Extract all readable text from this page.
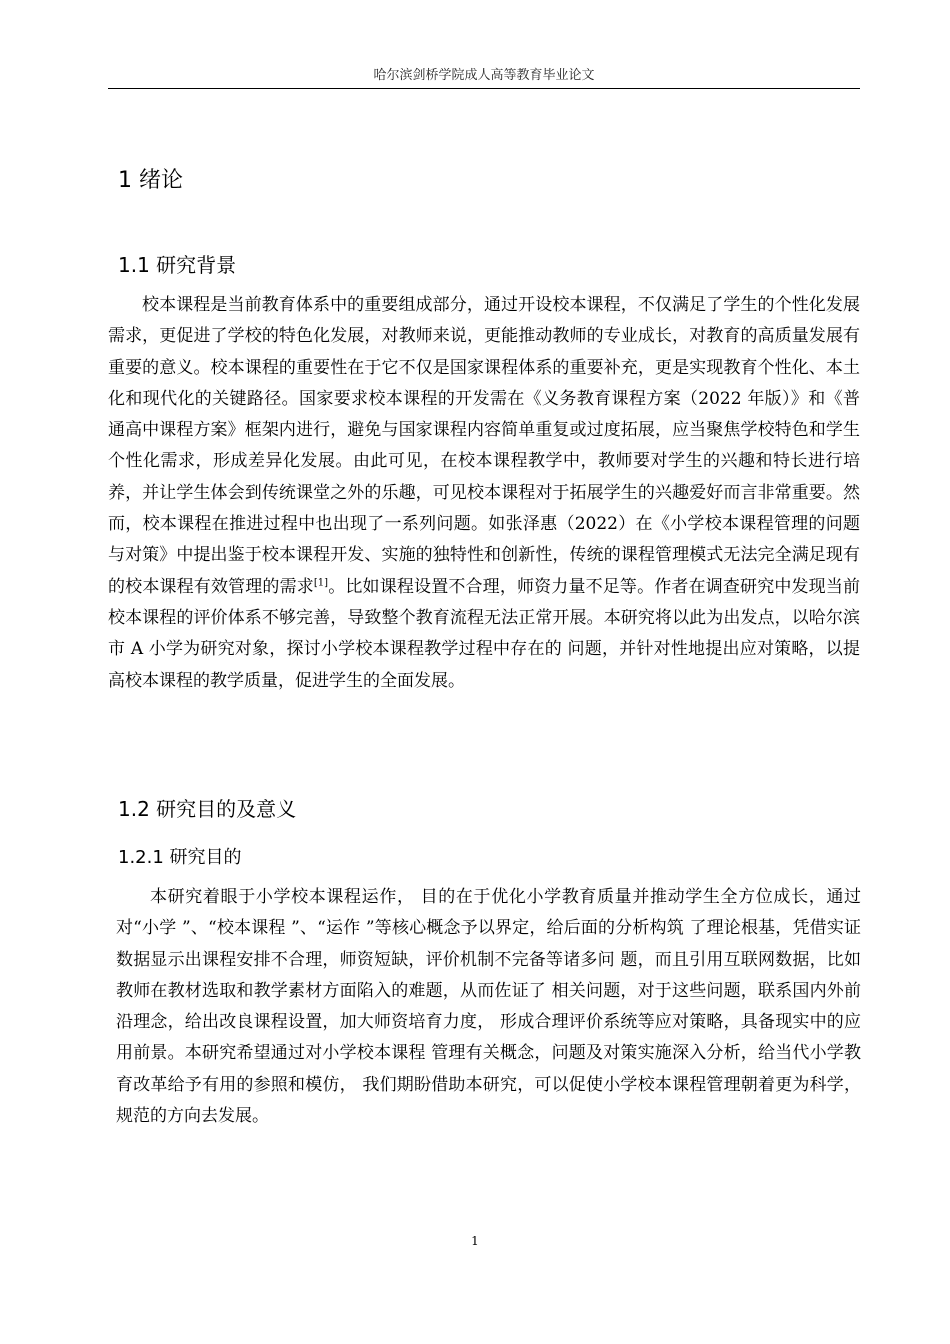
哈尔滨剑桥学院成人高等教育毕业论文
1 绪论
1.1 研究背景

校本课程是当前教育体系中的重要组成部分，通过开设校本课程，不仅满足了学生的个性化发展需求，更促进了学校的特色化发展，对教师来说，更能推动教师的专业成长，对教育的高质量发展有重要的意义。校本课程的重要性在于它不仅是国家课程体系的重要补充，更是实现教育个性化、本土化和现代化的关键路径。国家要求校本课程的开发需在《义务教育课程方案（2022 年版）》和《普通高中课程方案》框架内进行，避免与国家课程内容简单重复或过度拓展，应当聚焦学校特色和学生个性化需求，形成差异化发展。由此可见，在校本课程教学中，教师要对学生的兴趣和特长进行培养，并让学生体会到传统课堂之外的乐趣，可见校本课程对于拓展学生的兴趣爱好而言非常重要。然而，校本课程在推进过程中也出现了一系列问题。如张泽惠（2022）在《小学校本课程管理的问题与对策》中提出鉴于校本课程开发、实施的独特性和创新性，传统的课程管理模式无法完全满足现有的校本课程有效管理的需求[1]。比如课程设置不合理，师资力量不足等。作者在调查研究中发现当前校本课程的评价体系不够完善，导致整个教育流程无法正常开展。本研究将以此为出发点，以哈尔滨市 A 小学为研究对象，探讨小学校本课程教学过程中存在的 问题，并针对性地提出应对策略，以提高校本课程的教学质量，促进学生的全面发展。

1.2 研究目的及意义
1.2.1 研究目的

本研究着眼于小学校本课程运作， 目的在于优化小学教育质量并推动学生全方位成长，通过对“小学 ”、“校本课程 ”、“运作 ”等核心概念予以界定，给后面的分析构筑 了理论根基，凭借实证数据显示出课程安排不合理，师资短缺，评价机制不完备等诸多问 题，而且引用互联网数据，比如教师在教材选取和教学素材方面陷入的难题，从而佐证了 相关问题，对于这些问题，联系国内外前沿理念，给出改良课程设置，加大师资培育力度， 形成合理评价系统等应对策略，具备现实中的应用前景。本研究希望通过对小学校本课程 管理有关概念，问题及对策实施深入分析，给当代小学教育改革给予有用的参照和模仿， 我们期盼借助本研究，可以促使小学校本课程管理朝着更为科学，规范的方向去发展。

1
